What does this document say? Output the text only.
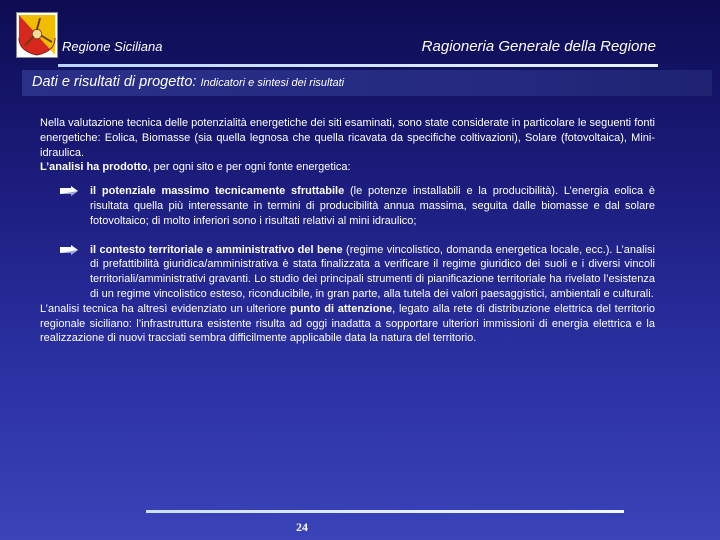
Regione Siciliana	Ragioneria Generale della Regione
Dati e risultati di progetto: Indicatori e sintesi dei risultati

Nella valutazione tecnica delle potenzialità energetiche dei siti esaminati, sono state considerate in particolare le seguenti fonti energetiche: Eolica, Biomasse (sia quella legnosa che quella ricavata da specifiche coltivazioni), Solare (fotovoltaica), Mini-idraulica.
L’analisi ha prodotto, per ogni sito e per ogni fonte energetica:

il potenziale massimo tecnicamente sfruttabile (le potenze installabili e la producibilità). L’energia eolica è risultata quella più interessante in termini di producibilità annua massima, seguita dalle biomasse e dal solare fotovoltaico; di molto inferiori sono i risultati relativi al mini idraulico;
il contesto territoriale e amministrativo del bene (regime vincolistico, domanda energetica locale, ecc.). L’analisi di prefattibilità giuridica/amministrativa è stata finalizzata a verificare il regime giuridico dei suoli e i diversi vincoli territoriali/amministrativi gravanti. Lo studio dei principali strumenti di pianificazione territoriale ha rivelato l’esistenza di un regime vincolistico esteso, riconducibile, in gran parte, alla tutela dei valori paesaggistici, ambientali e culturali.

L’analisi tecnica ha altresì evidenziato un ulteriore punto di attenzione, legato alla rete di distribuzione elettrica del territorio regionale siciliano: l’infrastruttura esistente risulta ad oggi inadatta a sopportare ulteriori immissioni di energia elettrica e la realizzazione di nuovi tracciati sembra difficilmente applicabile data la natura del territorio.

24
